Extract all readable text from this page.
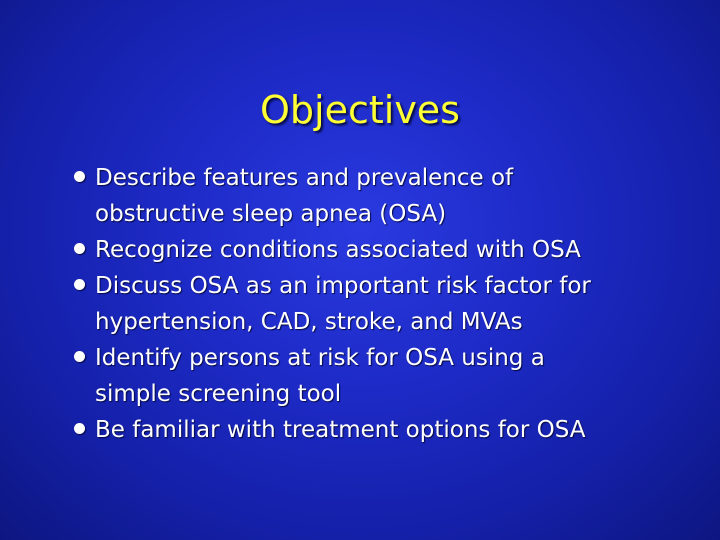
Objectives
Describe features and prevalence of
obstructive sleep apnea (OSA)
Recognize conditions associated with OSA
Discuss OSA as an important risk factor for
hypertension, CAD, stroke, and MVAs
Identify persons at risk for OSA using a
simple screening tool
Be familiar with treatment options for OSA
